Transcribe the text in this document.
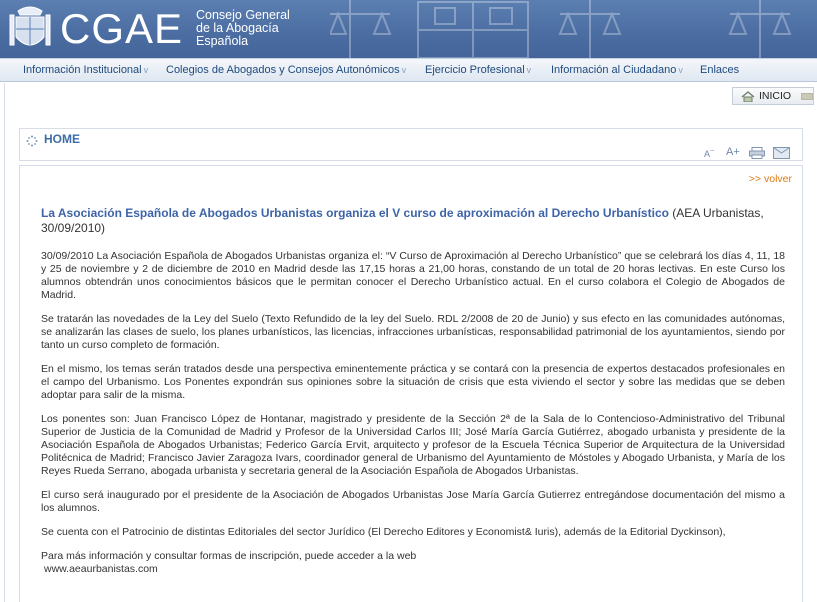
CGAE Consejo General
de la Abogacía
Española
Información Institucional v Colegios de Abogados y Consejos Autonómicos v Ejercicio Profesional v Información al Ciudadano v Enlaces
INICIO
HOME
A− A+
>> volver
La Asociación Española de Abogados Urbanistas organiza el V curso de aproximación al Derecho Urbanístico (AEA Urbanistas, 30/09/2010)

30/09/2010 La Asociación Española de Abogados Urbanistas organiza el: “V Curso de Aproximación al Derecho Urbanístico” que se celebrará los días 4, 11, 18 y 25 de noviembre y 2 de diciembre de 2010 en Madrid desde las 17,15 horas a 21,00 horas, constando de un total de 20 horas lectivas. En este Curso los alumnos obtendrán unos conocimientos básicos que le permitan conocer el Derecho Urbanístico actual. En el curso colabora el Colegio de Abogados de Madrid.

Se tratarán las novedades de la Ley del Suelo (Texto Refundido de la ley del Suelo. RDL 2/2008 de 20 de Junio) y sus efecto en las comunidades autónomas, se analizarán las clases de suelo, los planes urbanísticos, las licencias, infracciones urbanísticas, responsabilidad patrimonial de los ayuntamientos, siendo por tanto un curso completo de formación.

En el mismo, los temas serán tratados desde una perspectiva eminentemente práctica y se contará con la presencia de expertos destacados profesionales en el campo del Urbanismo. Los Ponentes expondrán sus opiniones sobre la situación de crisis que esta viviendo el sector y sobre las medidas que se deben adoptar para salir de la misma.

Los ponentes son: Juan Francisco López de Hontanar, magistrado y presidente de la Sección 2ª de la Sala de lo Contencioso-Administrativo del Tribunal Superior de Justicia de la Comunidad de Madrid y Profesor de la Universidad Carlos III; José María García Gutiérrez, abogado urbanista y presidente de la Asociación Española de Abogados Urbanistas; Federico García Ervit, arquitecto y profesor de la Escuela Técnica Superior de Arquitectura de la Universidad Politécnica de Madrid; Francisco Javier Zaragoza Ivars, coordinador general de Urbanismo del Ayuntamiento de Móstoles y Abogado Urbanista, y María de los Reyes Rueda Serrano, abogada urbanista y secretaria general de la Asociación Española de Abogados Urbanistas.

El curso será inaugurado por el presidente de la Asociación de Abogados Urbanistas Jose María García Gutierrez entregándose documentación del mismo a los alumnos.

Se cuenta con el Patrocinio de distintas Editoriales del sector Jurídico (El Derecho Editores y Economist& Iuris), además de la Editorial Dyckinson),

Para más información y consultar formas de inscripción, puede acceder a la web

www.aeaurbanistas.com
